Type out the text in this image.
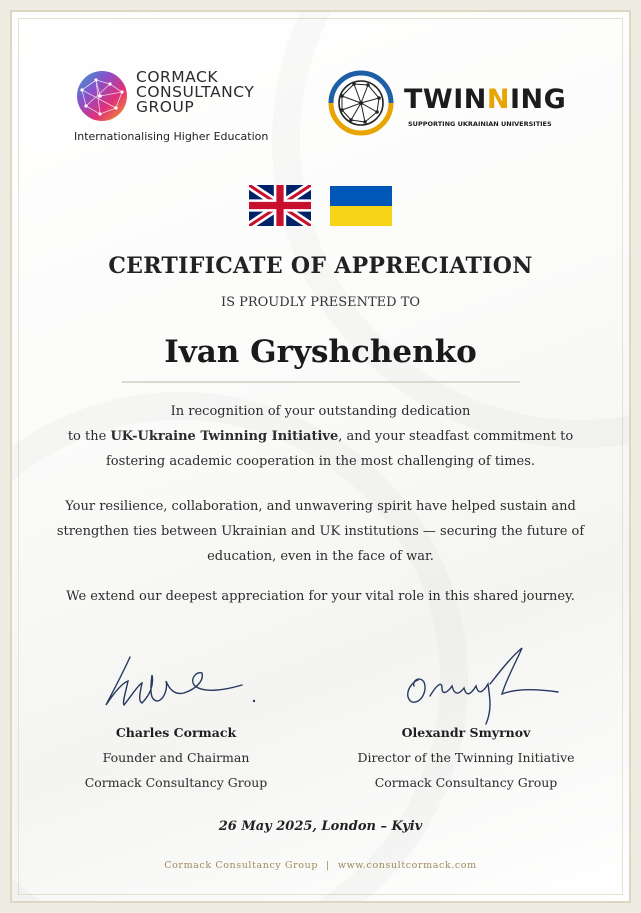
CORMACK
CONSULTANCY
GROUP
Internationalising Higher Education
TWINNING
SUPPORTING UKRAINIAN UNIVERSITIES
CERTIFICATE OF APPRECIATION
IS PROUDLY PRESENTED TO
Ivan Gryshchenko

In recognition of your outstanding dedication

to the UK-Ukraine Twinning Initiative, and your steadfast commitment to

fostering academic cooperation in the most challenging of times.

Your resilience, collaboration, and unwavering spirit have helped sustain and

strengthen ties between Ukrainian and UK institutions — securing the future of

education, even in the face of war.

We extend our deepest appreciation for your vital role in this shared journey.

Charles Cormack
Founder and Chairman
Cormack Consultancy Group
Olexandr Smyrnov
Director of the Twinning Initiative
Cormack Consultancy Group
26 May 2025, London – Kyiv
Cormack Consultancy Group | www.consultcormack.com
